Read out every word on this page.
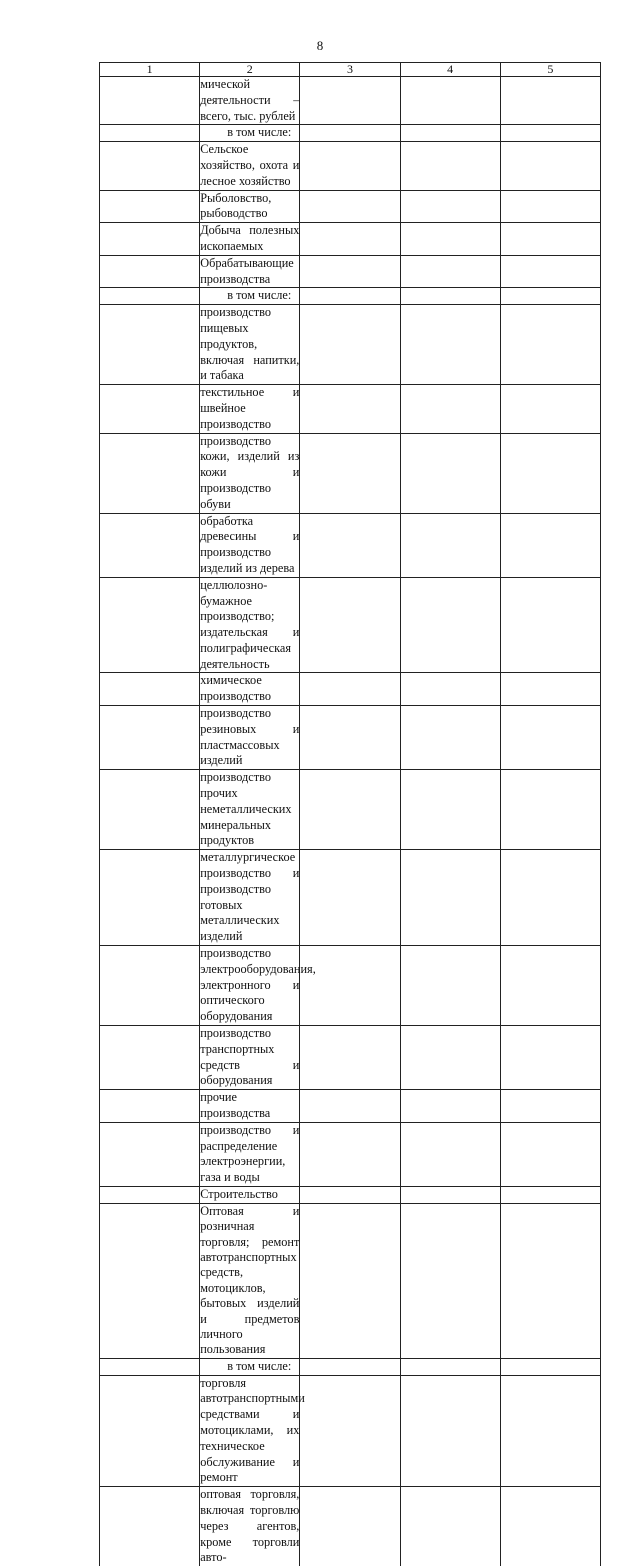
8
1	2	3	4	5
	мической деятельности – всего, тыс. рублей			
	в том числе:			
	Сельское хозяйство, охота и лесное хозяйство			
	Рыболовство, рыбоводство			
	Добыча полезных ископаемых			
	Обрабатывающие производства			
	в том числе:			
	производство пищевых продуктов, включая напитки, и табака			
	текстильное и швейное производство			
	производство кожи, изделий из кожи и производство обуви			
	обработка древесины и производство изделий из дерева			
	целлюлозно-бумажное производство; издательская и полиграфическая деятельность			
	химическое производство			
	производство резиновых и пластмассовых изделий			
	производство прочих неметаллических минеральных продуктов			
	металлургическое производство и производство готовых металлических изделий			
	производство электрооборудования, электронного и оптического оборудования			
	производство транспортных средств и оборудования			
	прочие производства			
	производство и распределение электроэнергии, газа и воды			
	Строительство			
	Оптовая и розничная торговля; ремонт автотранспортных средств, мотоциклов, бытовых изделий и предметов личного пользования			
	в том числе:			
	торговля автотранспортными средствами и мотоциклами, их техническое обслуживание и ремонт			
	оптовая торговля, включая торговлю через агентов, кроме торговли авто-			
